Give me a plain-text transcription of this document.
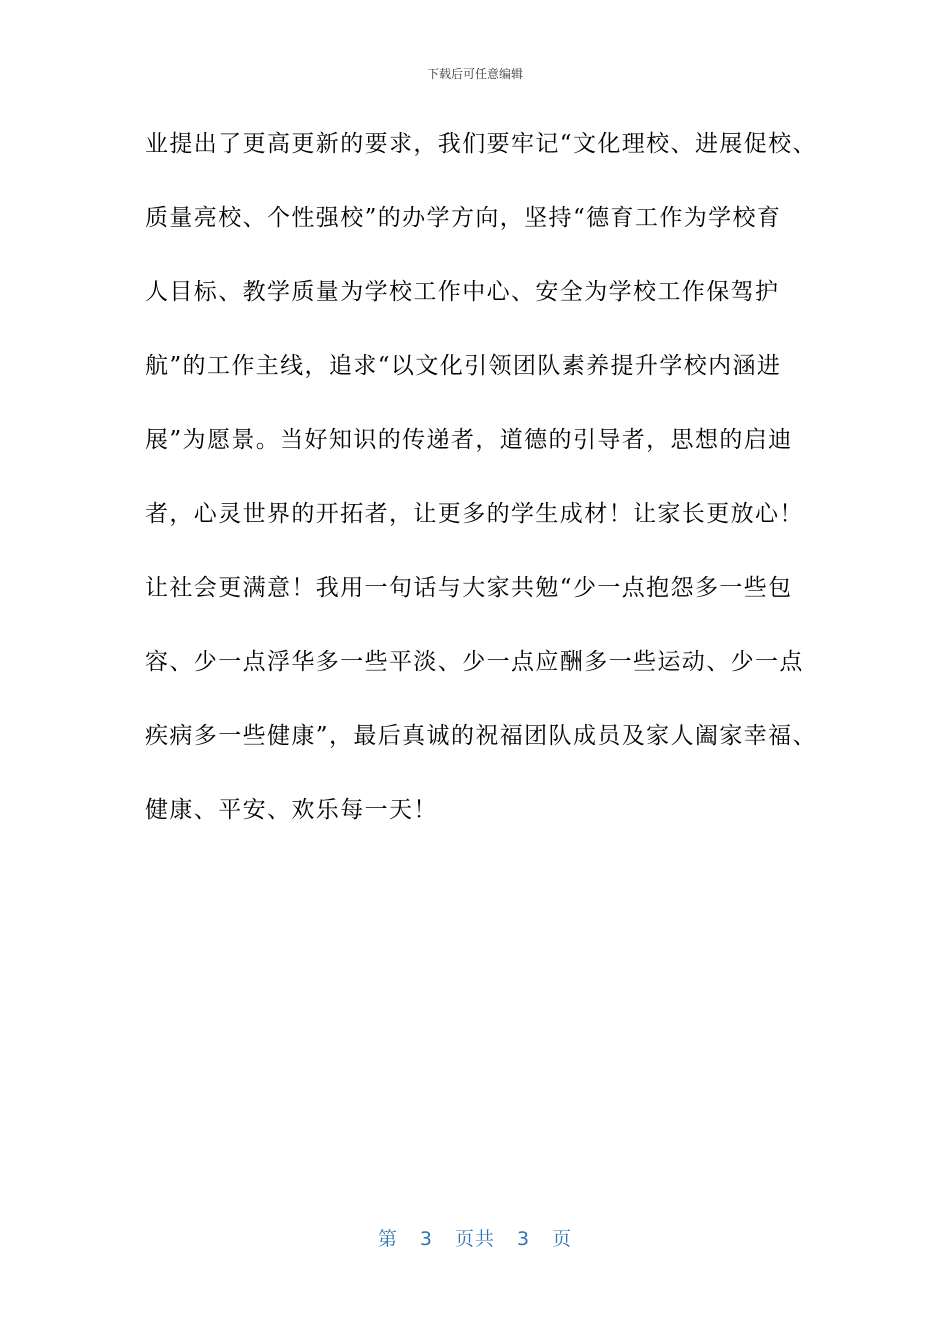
下载后可任意编辑
业提出了更高更新的要求，我们要牢记“文化理校、进展促校、
质量亮校、个性强校”的办学方向，坚持“德育工作为学校育
人目标、教学质量为学校工作中心、安全为学校工作保驾护
航”的工作主线，追求“以文化引领团队素养提升学校内涵进
展”为愿景。当好知识的传递者，道德的引导者，思想的启迪
者，心灵世界的开拓者，让更多的学生成材！让家长更放心！
让社会更满意！我用一句话与大家共勉“少一点抱怨多一些包
容、少一点浮华多一些平淡、少一点应酬多一些运动、少一点
疾病多一些健康”，最后真诚的祝福团队成员及家人阖家幸福、
健康、平安、欢乐每一天！
第 3 页共 3 页
